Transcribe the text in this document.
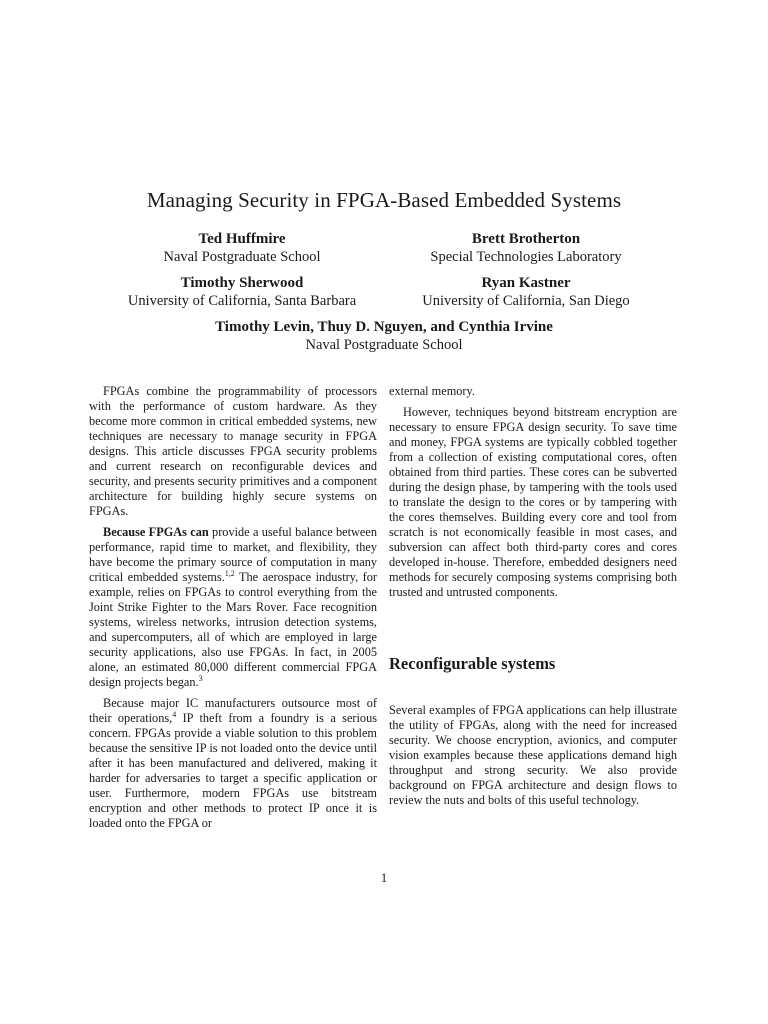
Managing Security in FPGA-Based Embedded Systems
Ted Huffmire
Naval Postgraduate School
Brett Brotherton
Special Technologies Laboratory
Timothy Sherwood
University of California, Santa Barbara
Ryan Kastner
University of California, San Diego
Timothy Levin, Thuy D. Nguyen, and Cynthia Irvine
Naval Postgraduate School

FPGAs combine the programmability of processors with the performance of custom hardware. As they become more common in critical embedded systems, new techniques are necessary to manage security in FPGA designs. This article discusses FPGA security problems and current research on reconfigurable devices and security, and presents security primitives and a component architecture for building highly secure systems on FPGAs.

Because FPGAs can provide a useful balance between performance, rapid time to market, and flexibility, they have become the primary source of computation in many critical embedded systems.$^{1,2}$ The aerospace industry, for example, relies on FPGAs to control everything from the Joint Strike Fighter to the Mars Rover. Face recognition systems, wireless networks, intrusion detection systems, and supercomputers, all of which are employed in large security applications, also use FPGAs. In fact, in 2005 alone, an estimated 80,000 different commercial FPGA design projects began.$^3$

Because major IC manufacturers outsource most of their operations,$^4$ IP theft from a foundry is a serious concern. FPGAs provide a viable solution to this problem because the sensitive IP is not loaded onto the device until after it has been manufactured and delivered, making it harder for adversaries to target a specific application or user. Furthermore, modern FPGAs use bitstream encryption and other methods to protect IP once it is loaded onto the FPGA or

external memory.

However, techniques beyond bitstream encryption are necessary to ensure FPGA design security. To save time and money, FPGA systems are typically cobbled together from a collection of existing computational cores, often obtained from third parties. These cores can be subverted during the design phase, by tampering with the tools used to translate the design to the cores or by tampering with the cores themselves. Building every core and tool from scratch is not economically feasible in most cases, and subversion can affect both third-party cores and cores developed in-house. Therefore, embedded designers need methods for securely composing systems comprising both trusted and untrusted components.

Reconfigurable systems

Several examples of FPGA applications can help illustrate the utility of FPGAs, along with the need for increased security. We choose encryption, avionics, and computer vision examples because these applications demand high throughput and strong security. We also provide background on FPGA architecture and design flows to review the nuts and bolts of this useful technology.

1
